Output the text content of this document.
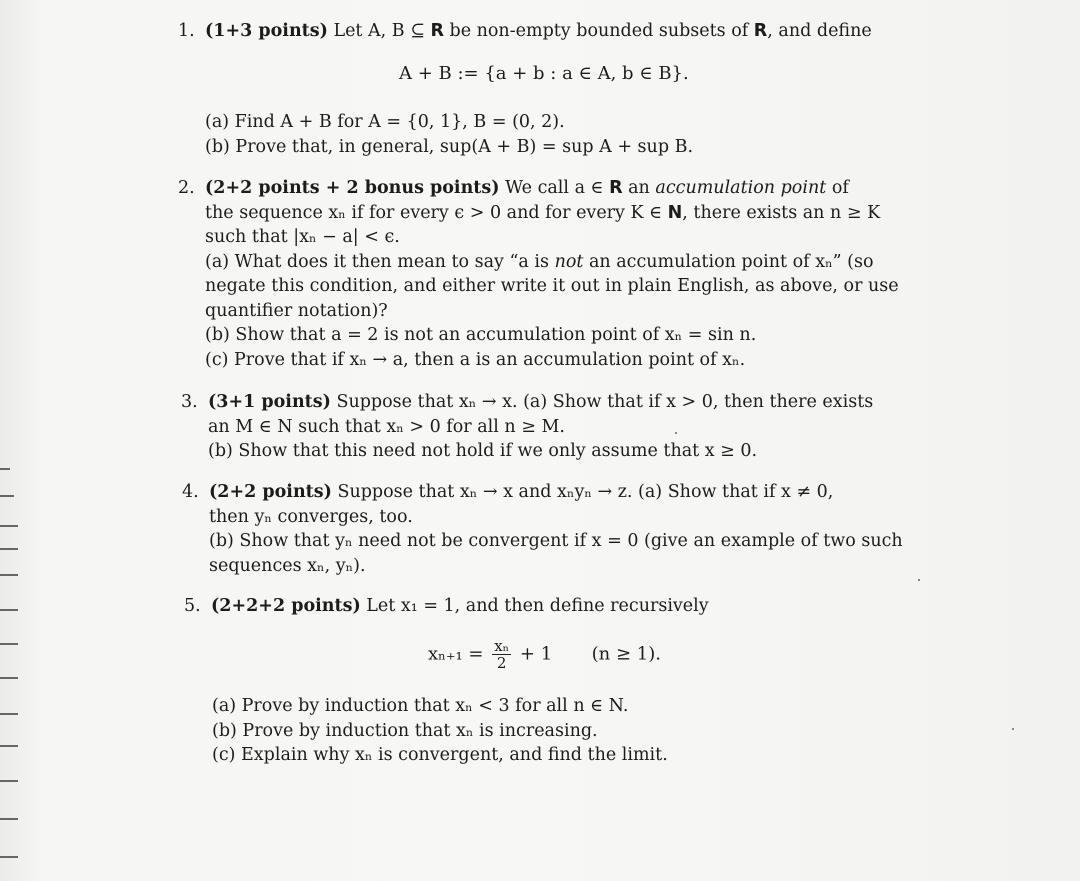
1. (1+3 points) Let A, B ⊆ R be non-empty bounded subsets of R, and define
A + B := {a + b : a ∈ A, b ∈ B}.
(a) Find A + B for A = {0, 1}, B = (0, 2).
(b) Prove that, in general, sup(A + B) = sup A + sup B.
2. (2+2 points + 2 bonus points) We call a ∈ R an accumulation point of
the sequence xₙ if for every ϵ > 0 and for every K ∈ N, there exists an n ≥ K
such that |xₙ − a| < ϵ.
(a) What does it then mean to say “a is not an accumulation point of xₙ” (so
negate this condition, and either write it out in plain English, as above, or use
quantifier notation)?
(b) Show that a = 2 is not an accumulation point of xₙ = sin n.
(c) Prove that if xₙ → a, then a is an accumulation point of xₙ.
3. (3+1 points) Suppose that xₙ → x. (a) Show that if x > 0, then there exists
an M ∈ N such that xₙ > 0 for all n ≥ M.
(b) Show that this need not hold if we only assume that x ≥ 0.
4. (2+2 points) Suppose that xₙ → x and xₙyₙ → z. (a) Show that if x ≠ 0,
then yₙ converges, too.
(b) Show that yₙ need not be convergent if x = 0 (give an example of two such
sequences xₙ, yₙ).
5. (2+2+2 points) Let x₁ = 1, and then define recursively
$x_{n+1} = \frac{\text{xₙ}}{2} + 1$ (n ≥ 1).
(a) Prove by induction that xₙ < 3 for all n ∈ N.
(b) Prove by induction that xₙ is increasing.
(c) Explain why xₙ is convergent, and find the limit.
